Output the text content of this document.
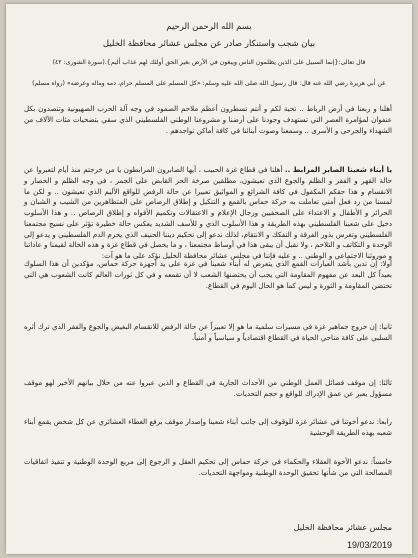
بسم الله الرحمن الرحيم
بيان شجب واستنكار صادر عن مجلس عشائر محافظة الخليل
قال تعالى:{إنما السبيل على الذين يظلمون الناس ويبغون في الأرض بغير الحق أولئك لهم عذاب أليم}.(سورة الشورى: ٤٢)
عن أبي هريرة رضي الله عنه قال: قال رسول الله صلى الله عليه وسلم: «كل المسلم على المسلم حرام، دمه وماله وعرضه» (رواه مسلم)
أهلنا و ربعنا في أرض الرباط .. تحية لكم و أنتم تسطرون أعظم ملاحم الصمود في وجه آلة الحرب الصهيونية وتتصدون بكل عنفوان لمؤامرة العصر التي تستهدف وجودنا على أرضنا و مشروعنا الوطني الفلسطيني الذي سقي بتضحيات مئات الآلاف من الشهداء والجرحى و الأسرى .. وسمعنا وصوت أبنائنا في كافة أماكن تواجدهم .
يا أبناء شعبنا الصابر المرابط .. أهلنا في قطاع غزة الحبيب ، أيها الصابرون المرابطون يا من خرجتم منذ أيام لتعبروا عن حالة القهر و الفقر و الظلم والجوع الذي تعيشون، مطلقين صرخة الحر القابض على الجمر ، في وجه الظلم و الحصار و الانقسام و هذا حقكم المكفول في كافة الشرائع و المواثيق تعبيرا عن حالة الرفض للواقع الأليم الذي تعيشون .. و لكن ما لمسنا من رد فعل أمني تعاملت به حركة حماس بالقمع و التنكيل و إطلاق الرصاص على المتظاهرين من الشيب و الشبان و الحرائر و الأطفال و الاعتداء على الصحفيين ورجال الإعلام و الاعتقالات وتكميم الأفواه و إطلاق الرصاص .. و هذا الأسلوب دخيل على شعبنا الفلسطيني بهذه الطريقة و هذا الأسلوب الذي و للأسف الشديد يعكس حالة خطيرة تؤثر على نسيج مجتمعنا الفلسطيني وتغرس بذور الفرقة و التفكك و الانتقام، لذلك ندعو إلى تحكيم ديننا الحنيف الذي يحرم الدم الفلسطيني و يدعو إلى الوحدة و التكاتف و التلاحم ، ولا نقبل أن يبقى هذا في أوساط مجتمعنا ، و ما يحصل في قطاع غزة و هذه الحالة لقيمنا و عاداتنا و موروثنا الاجتماعي و الوطني .. و عليه فإننا في مجلس عشائر محافظة الخليل نؤكد على ما هو آت:
أولا: إن تدين بأشد العبارات القمع الذي يتعرض له أبناء شعبنا في غزة على يد أجهزة حركة حماس، مؤكدين أن هذا السلوك بعيداً كل البعد عن مفهوم المقاومة التي يجب أن يحتضنها الشعب لا أن تقمعه و في كل ثورات العالم كانت الشعوب هي التي تحتضن المقاومة و الثورة و ليس كما هو الحال اليوم في القطاع.
ثانيا: إن خروج جماهير غزة في مسيرات سلمية ما هو إلا تعبيراً عن حالة الرفض للانقسام البغيض والجوع والفقر الذي ترك أثره السلبي على كافة مناحي الحياة في القطاع اقتصادياً و سياسياً و أمنياً.
ثالثا: إن موقف فصائل العمل الوطني من الأحداث الجارية في القطاع و الذين عبروا عنه من خلال بيانهم الأخير لهو موقف مسؤول يعبر عن عمق الإدراك للواقع و حجم التحديات.
رابعا: ندعو أخوتنا في عشائر غزة للوقوف إلى جانب أبناء شعبنا وإصدار موقف برفع الغطاء العشائري عن كل شخص يقمع أبناء شعبه بهذه الطريقة الوحشية
خامساً: ندعو الأخوة العقلاء والحكماء في حركة حماس إلى تحكيم العقل و الرجوع إلى مربع الوحدة الوطنية و تنفيذ اتفاقيات المصالحة التي من شأنها تحقيق الوحدة الوطنية ومواجهة التحديات.
مجلس عشائر محافظة الخليل
19/03/2019
